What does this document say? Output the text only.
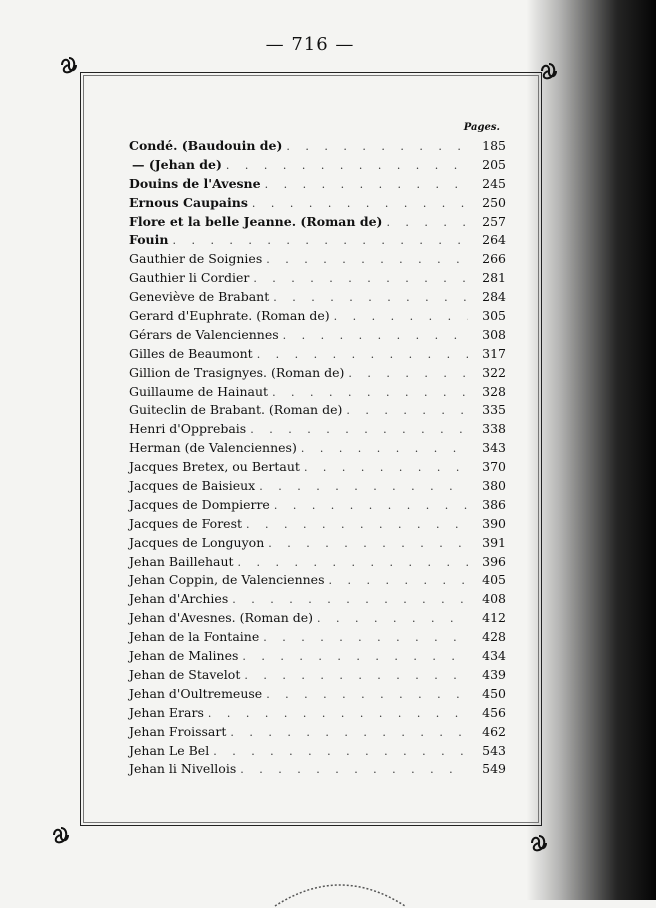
— 716 —
Pages.
Condé. (Baudouin de) . . .	185
— (Jehan de) . . .	205
Douins de l'Avesne . . .	245
Ernous Caupains . . .	250
Flore et la belle Jeanne. (Roman de) . . .	257
Fouin . . .	264
Gauthier de Soignies . . .	266
Gauthier li Cordier . . .	281
Geneviève de Brabant . . .	284
Gerard d'Euphrate. (Roman de) . . .	305
Gérars de Valenciennes . . .	308
Gilles de Beaumont . . .	317
Gillion de Trasignyes. (Roman de) . . .	322
Guillaume de Hainaut . . .	328
Guiteclin de Brabant. (Roman de) . . .	335
Henri d'Opprebais . . .	338
Herman (de Valenciennes) . . .	343
Jacques Bretex, ou Bertaut . . .	370
Jacques de Baisieux . . .	380
Jacques de Dompierre . . .	386
Jacques de Forest . . .	390
Jacques de Longuyon . . .	391
Jehan Baillehaut . . .	396
Jehan Coppin, de Valenciennes . . .	405
Jehan d'Archies . . .	408
Jehan d'Avesnes. (Roman de) . . .	412
Jehan de la Fontaine . . .	428
Jehan de Malines . . .	434
Jehan de Stavelot . . .	439
Jehan d'Oultremeuse . . .	450
Jehan Erars . . .	456
Jehan Froissart . . .	462
Jehan Le Bel . . .	543
Jehan li Nivellois . . .	549
